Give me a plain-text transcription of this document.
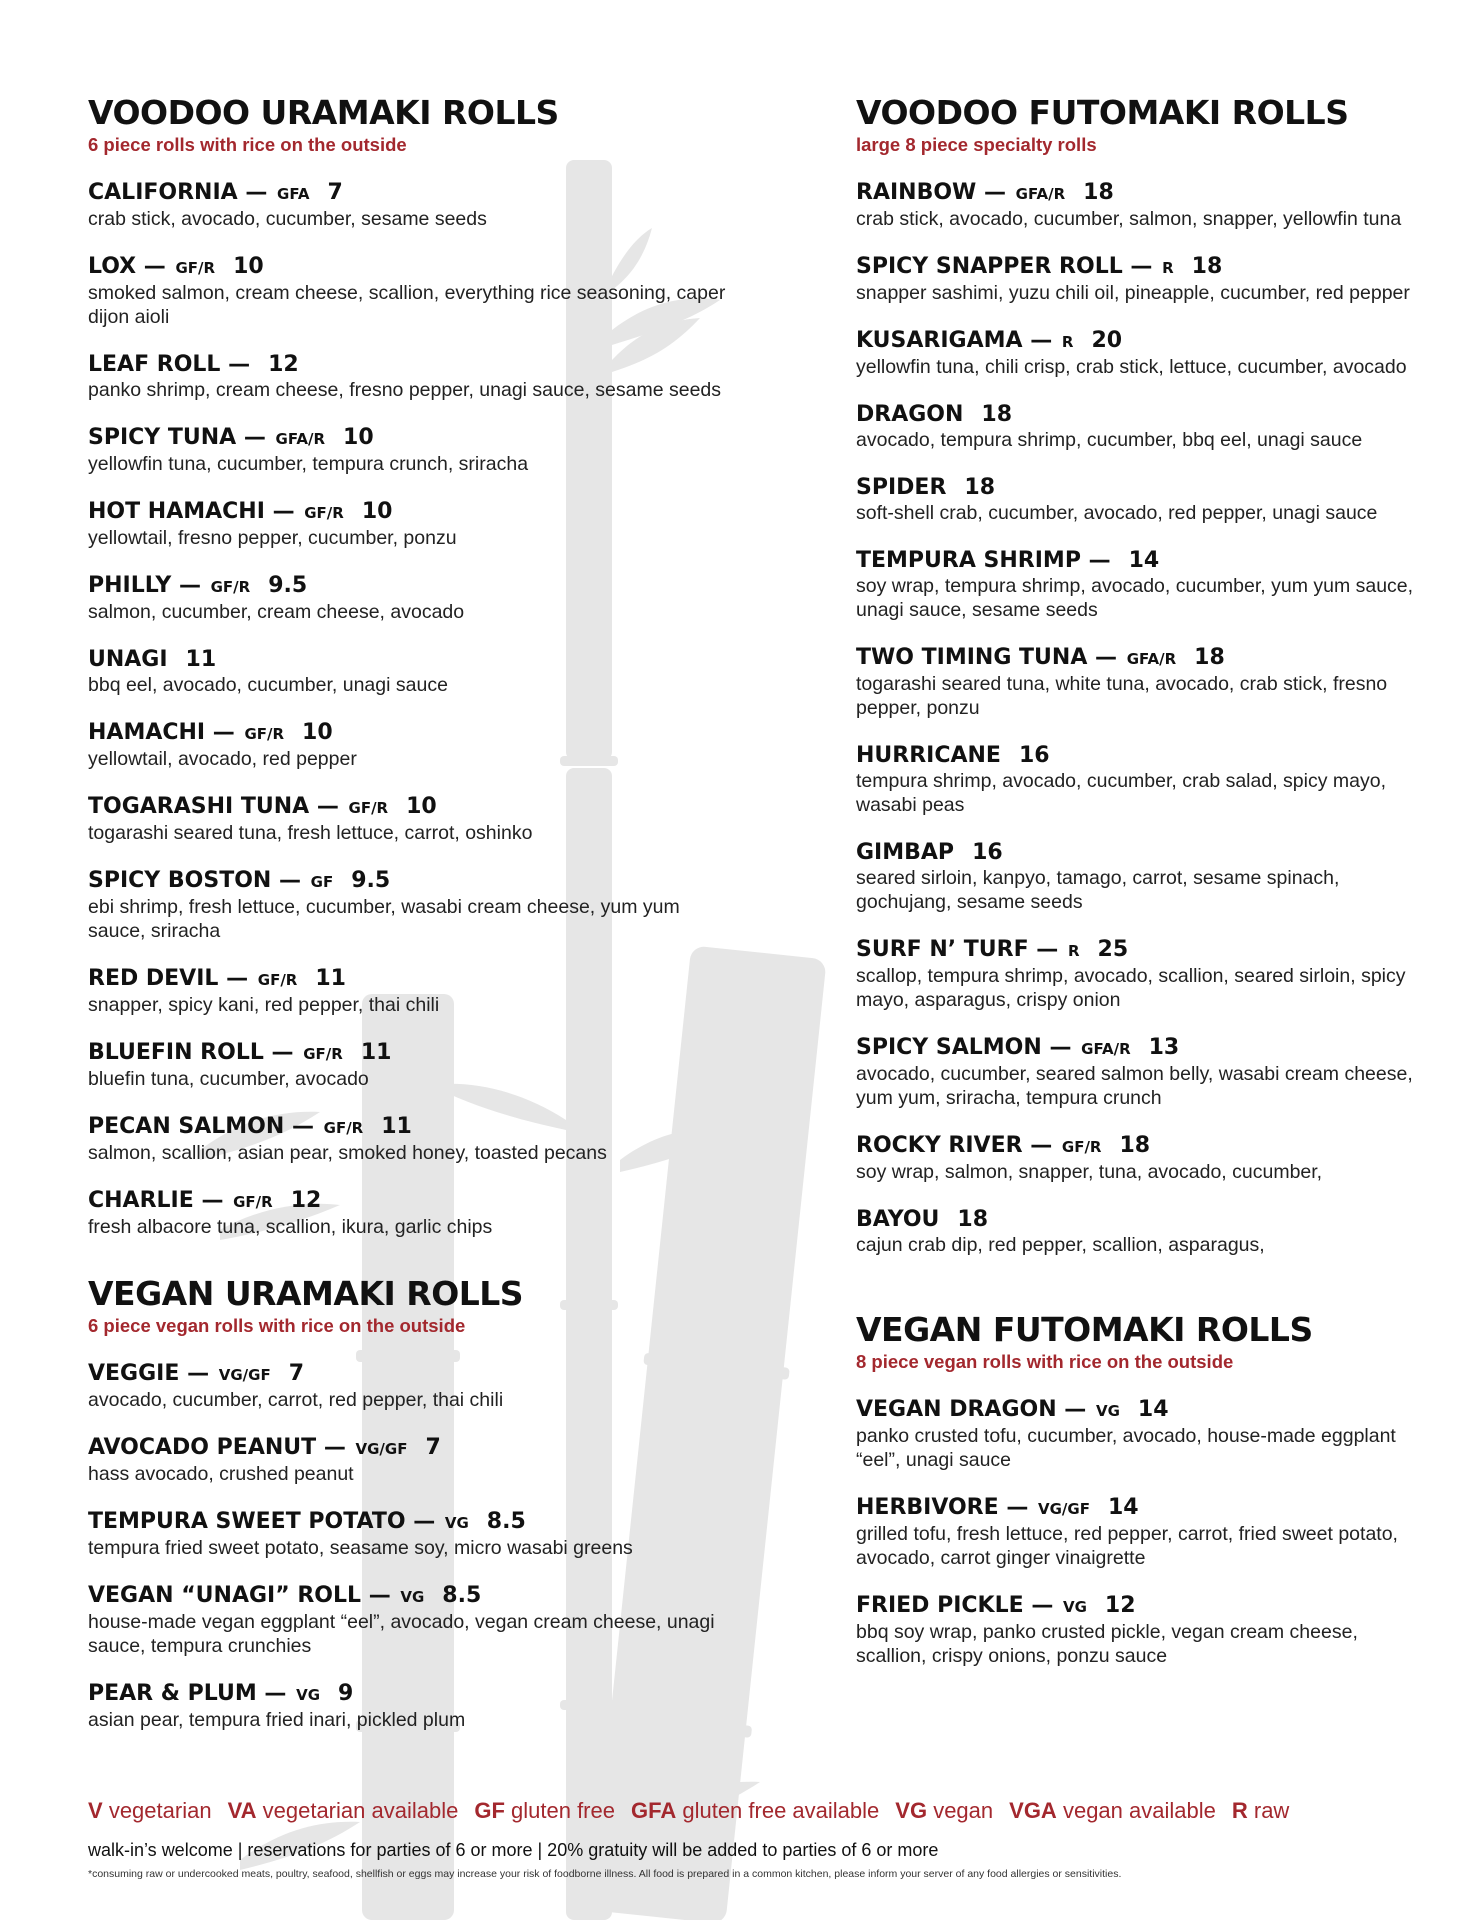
VOODOO URAMAKI ROLLS
6 piece rolls with rice on the outside
CALIFORNIA — GFA 7
crab stick, avocado, cucumber, sesame seeds
LOX — GF/R 10
smoked salmon, cream cheese, scallion, everything rice seasoning, caper dijon aioli
LEAF ROLL — 12
panko shrimp, cream cheese, fresno pepper, unagi sauce, sesame seeds
SPICY TUNA — GFA/R 10
yellowfin tuna, cucumber, tempura crunch, sriracha
HOT HAMACHI — GF/R 10
yellowtail, fresno pepper, cucumber, ponzu
PHILLY — GF/R 9.5
salmon, cucumber, cream cheese, avocado
UNAGI 11
bbq eel, avocado, cucumber, unagi sauce
HAMACHI — GF/R 10
yellowtail, avocado, red pepper
TOGARASHI TUNA — GF/R 10
togarashi seared tuna, fresh lettuce, carrot, oshinko
SPICY BOSTON — GF 9.5
ebi shrimp, fresh lettuce, cucumber, wasabi cream cheese, yum yum sauce, sriracha
RED DEVIL — GF/R 11
snapper, spicy kani, red pepper, thai chili
BLUEFIN ROLL — GF/R 11
bluefin tuna, cucumber, avocado
PECAN SALMON — GF/R 11
salmon, scallion, asian pear, smoked honey, toasted pecans
CHARLIE — GF/R 12
fresh albacore tuna, scallion, ikura, garlic chips
VEGAN URAMAKI ROLLS
6 piece vegan rolls with rice on the outside
VEGGIE — VG/GF 7
avocado, cucumber, carrot, red pepper, thai chili
AVOCADO PEANUT — VG/GF 7
hass avocado, crushed peanut
TEMPURA SWEET POTATO — VG 8.5
tempura fried sweet potato, seasame soy, micro wasabi greens
VEGAN “UNAGI” ROLL — VG 8.5
house-made vegan eggplant “eel”, avocado, vegan cream cheese, unagi sauce, tempura crunchies
PEAR & PLUM — VG 9
asian pear, tempura fried inari, pickled plum
VOODOO FUTOMAKI ROLLS
large 8 piece specialty rolls
RAINBOW — GFA/R 18
crab stick, avocado, cucumber, salmon, snapper, yellowfin tuna
SPICY SNAPPER ROLL — R 18
snapper sashimi, yuzu chili oil, pineapple, cucumber, red pepper
KUSARIGAMA — R 20
yellowfin tuna, chili crisp, crab stick, lettuce, cucumber, avocado
DRAGON 18
avocado, tempura shrimp, cucumber, bbq eel, unagi sauce
SPIDER 18
soft-shell crab, cucumber, avocado, red pepper, unagi sauce
TEMPURA SHRIMP — 14
soy wrap, tempura shrimp, avocado, cucumber, yum yum sauce, unagi sauce, sesame seeds
TWO TIMING TUNA — GFA/R 18
togarashi seared tuna, white tuna, avocado, crab stick, fresno pepper, ponzu
HURRICANE 16
tempura shrimp, avocado, cucumber, crab salad, spicy mayo, wasabi peas
GIMBAP 16
seared sirloin, kanpyo, tamago, carrot, sesame spinach, gochujang, sesame seeds
SURF N’ TURF — R 25
scallop, tempura shrimp, avocado, scallion, seared sirloin, spicy mayo, asparagus, crispy onion
SPICY SALMON — GFA/R 13
avocado, cucumber, seared salmon belly, wasabi cream cheese, yum yum, sriracha, tempura crunch
ROCKY RIVER — GF/R 18
soy wrap, salmon, snapper, tuna, avocado, cucumber,
BAYOU 18
cajun crab dip, red pepper, scallion, asparagus,
VEGAN FUTOMAKI ROLLS
8 piece vegan rolls with rice on the outside
VEGAN DRAGON — VG 14
panko crusted tofu, cucumber, avocado, house-made eggplant “eel”, unagi sauce
HERBIVORE — VG/GF 14
grilled tofu, fresh lettuce, red pepper, carrot, fried sweet potato, avocado, carrot ginger vinaigrette
FRIED PICKLE — VG 12
bbq soy wrap, panko crusted pickle, vegan cream cheese, scallion, crispy onions, ponzu sauce
V vegetarian VA vegetarian available GF gluten free GFA gluten free available VG vegan VGA vegan available R raw
walk-in’s welcome | reservations for parties of 6 or more | 20% gratuity will be added to parties of 6 or more
*consuming raw or undercooked meats, poultry, seafood, shellfish or eggs may increase your risk of foodborne illness. All food is prepared in a common kitchen, please inform your server of any food allergies or sensitivities.
